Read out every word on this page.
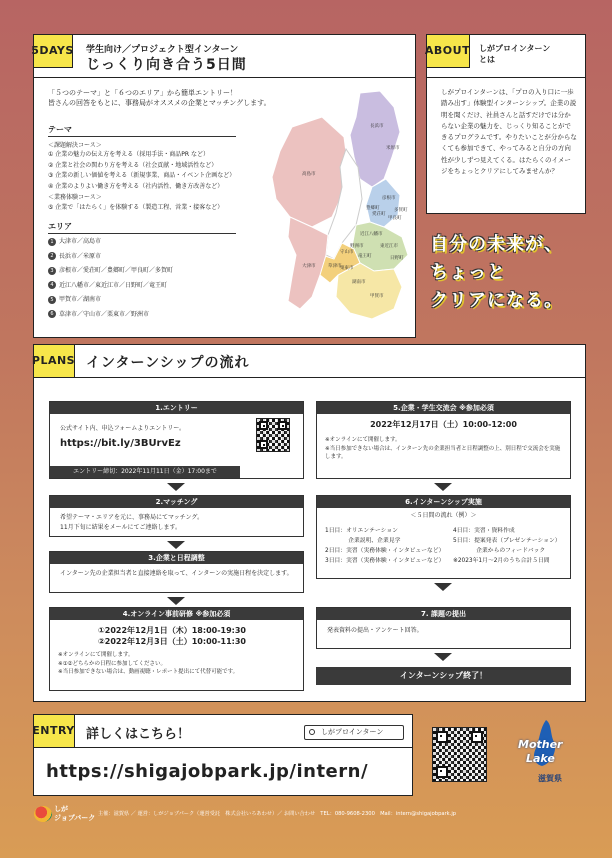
5DAYS 学生向け／プロジェクト型インターン
じっくり向き合う5日間
「５つのテーマ」と「６つのエリア」から簡単エントリー！
皆さんの回答をもとに、事務局がオススメの企業とマッチングします。
テーマ
＜課題解決コース＞
① 企業の魅力の伝え方を考える（採用手法・商品PR など）
② 企業と社会の関わり方を考える（社会貢献・地域活性など）
③ 企業の新しい価値を考える（新規事業、商品・イベント企画など）
④ 企業のよりよい働き方を考える（社内活性、働き方改善など）
＜業務体験コース＞
⑤ 企業で「はたらく」を体験する（製造工程、営業・接客など）
エリア
1 大津市／高島市
2 長浜市／米原市
3 彦根市／愛荘町／豊郷町／甲良町／多賀町
4 近江八幡市／東近江市／日野町／竜王町
5 甲賀市／湖南市
6 草津市／守山市／栗東市／野洲市
長浜市
米原市
高島市
彦根市
多賀町
愛荘町
甲良町
豊郷町
近江八幡市
東近江市
竜王町	日野町
野洲市
守山市
草津市
栗東市
湖南市
甲賀市
大津市
ABOUT しがプロインターン
とは
しがプロインターンは、「プロの入り口に一歩踏み出す」体験型インターンシップ。企業の説明を聞くだけ、社員さんと話すだけでは分からない企業の魅力を、じっくり知ることができるプログラムです。やりたいことが分からなくても参加できて、やってみると自分の方向性が少しずつ見えてくる。はたらくのイメージをちょっとクリアにしてみませんか？
自分の未来が、
ちょっと
クリアになる。
PLANS インターンシップの流れ
1.エントリー
公式サイト内、申込フォームよりエントリー。
https://bit.ly/3BUrvEz
エントリー締切：2022年11月11日（金）17:00まで
2.マッチング
希望テーマ・エリアを元に、事務局にてマッチング。
11月下旬に結果をメールにてご連絡します。
3.企業と日程調整
インターン先の企業担当者と直接連絡を取って、インターンの実施日程を決定します。
4.オンライン事前研修 ※参加必須
①2022年12月1日（木）18:00-19:30
②2022年12月3日（土）10:00-11:30
※オンラインにて開催します。
※①②どちらかの日程に参加してください。
※当日参加できない場合は、動画視聴・レポート提出にて代替可能です。
5.企業・学生交流会 ※参加必須
2022年12月17日（土）10:00-12:00
※オンラインにて開催します。
※当日参加できない場合は、インターン先の企業担当者と日程調整の上、別日程で交流会を実施します。
6.インターンシップ実施
＜５日間の流れ（例）＞
1日目：オリエンテーション
　　　　企業説明、企業見学
2日目：実習（実務体験・インタビューなど）
3日目：実習（実務体験・インタビューなど）
4日目：実習・資料作成
5日目：提案発表（プレゼンテーション）
　　　　企業からのフィードバック
※2023年1月〜2月のうち合計５日間
7. 課題の提出
発表資料の提出・アンケート回答。
インターンシップ終了！
ENTRY 詳しくはこちら！	しがプロインターン
https://shigajobpark.jp/intern/
Mother
Lake
滋賀県
しが
ジョブパーク 主催：滋賀県 ／ 運営：しがジョブパーク（運営受託　株式会社いろあわせ）／ お問い合わせ　TEL：080-9608-2300　Mail：intern@shigajobpark.jp
